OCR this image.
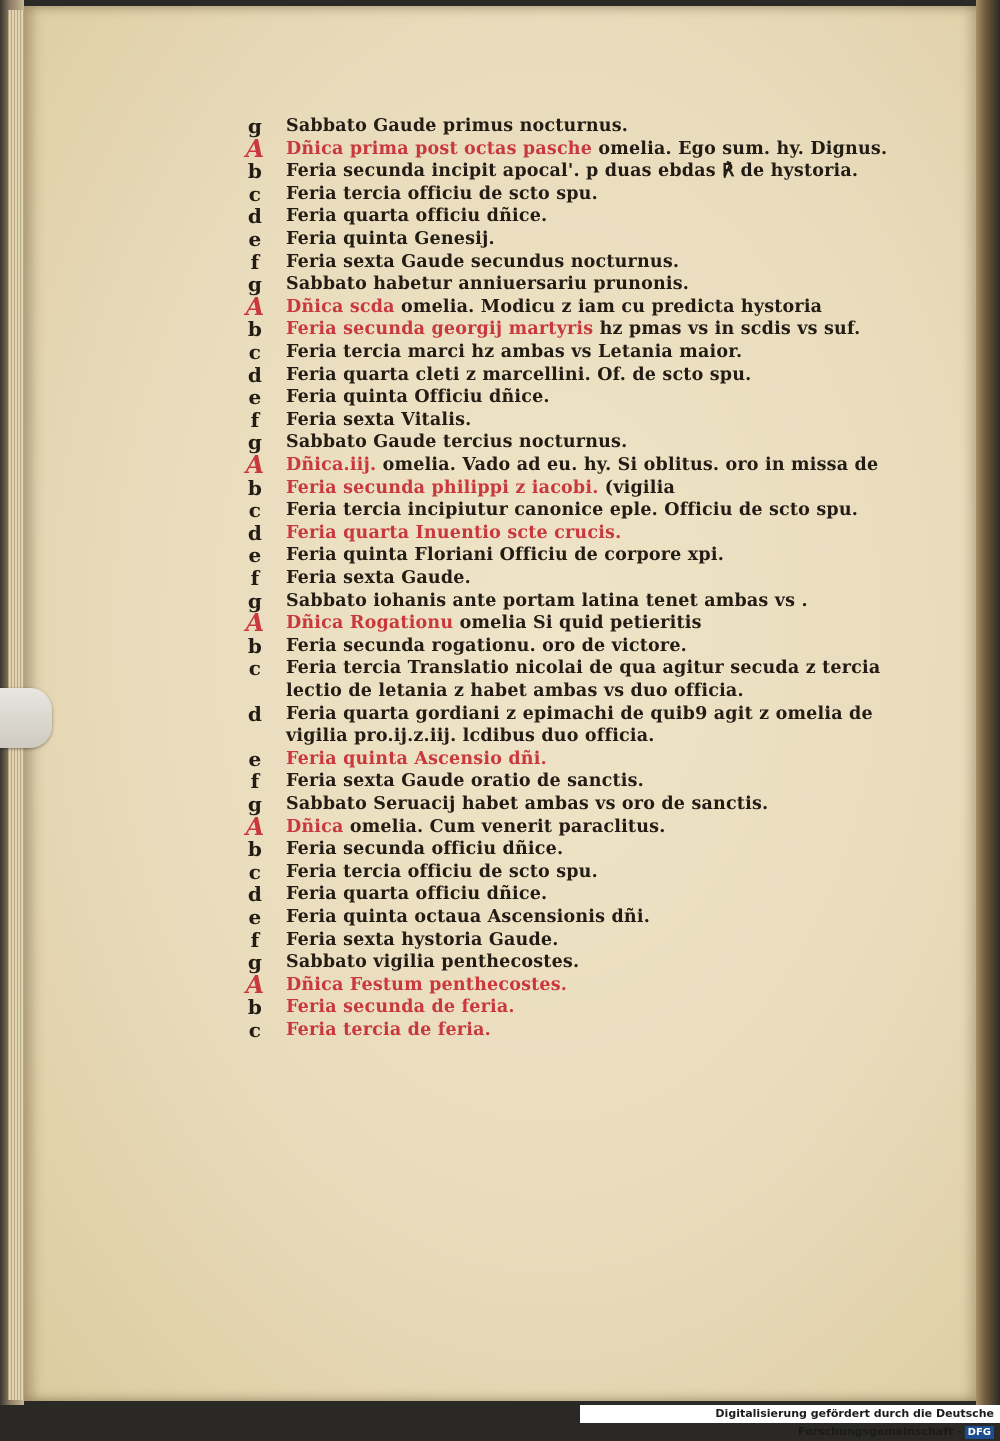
g	Sabbato Gaude primus nocturnus.
A	Dñica prima post octas pasche omelia. Ego sum. hy. Dignus.
b	Feria secunda incipit apocal'. p duas ebdas ℟ de hystoria.
c	Feria tercia officiu de scto spu.
d	Feria quarta officiu dñice.
e	Feria quinta Genesij.
f	Feria sexta Gaude secundus nocturnus.
g	Sabbato habetur anniuersariu prunonis.
A	Dñica scda omelia. Modicu z iam cu predicta hystoria
b	Feria secunda georgij martyris hz pmas vs in scdis vs suf.
c	Feria tercia marci hz ambas vs Letania maior.
d	Feria quarta cleti z marcellini. Of. de scto spu.
e	Feria quinta Officiu dñice.
f	Feria sexta Vitalis.
g	Sabbato Gaude tercius nocturnus.
A	Dñica.iij. omelia. Vado ad eu. hy. Si oblitus. oro in missa de
b	Feria secunda philippi z iacobi. (vigilia
c	Feria tercia incipiutur canonice eple. Officiu de scto spu.
d	Feria quarta Inuentio scte crucis.
e	Feria quinta Floriani Officiu de corpore xpi.
f	Feria sexta Gaude.
g	Sabbato iohanis ante portam latina tenet ambas vs .
A	Dñica Rogationu omelia Si quid petieritis
b	Feria secunda rogationu. oro de victore.
c	Feria tercia Translatio nicolai de qua agitur secuda z tercia
lectio de letania z habet ambas vs duo officia.
d	Feria quarta gordiani z epimachi de quib9 agit z omelia de
vigilia pro.ij.z.iij. lcdibus duo officia.
e	Feria quinta Ascensio dñi.
f	Feria sexta Gaude oratio de sanctis.
g	Sabbato Seruacij habet ambas vs oro de sanctis.
A	Dñica omelia. Cum venerit paraclitus.
b	Feria secunda officiu dñice.
c	Feria tercia officiu de scto spu.
d	Feria quarta officiu dñice.
e	Feria quinta octaua Ascensionis dñi.
f	Feria sexta hystoria Gaude.
g	Sabbato vigilia penthecostes.
A	Dñica Festum penthecostes.
b	Feria secunda de feria.
c	Feria tercia de feria.
Digitalisierung gefördert durch die Deutsche Forschungsgemeinschaft - DFG
